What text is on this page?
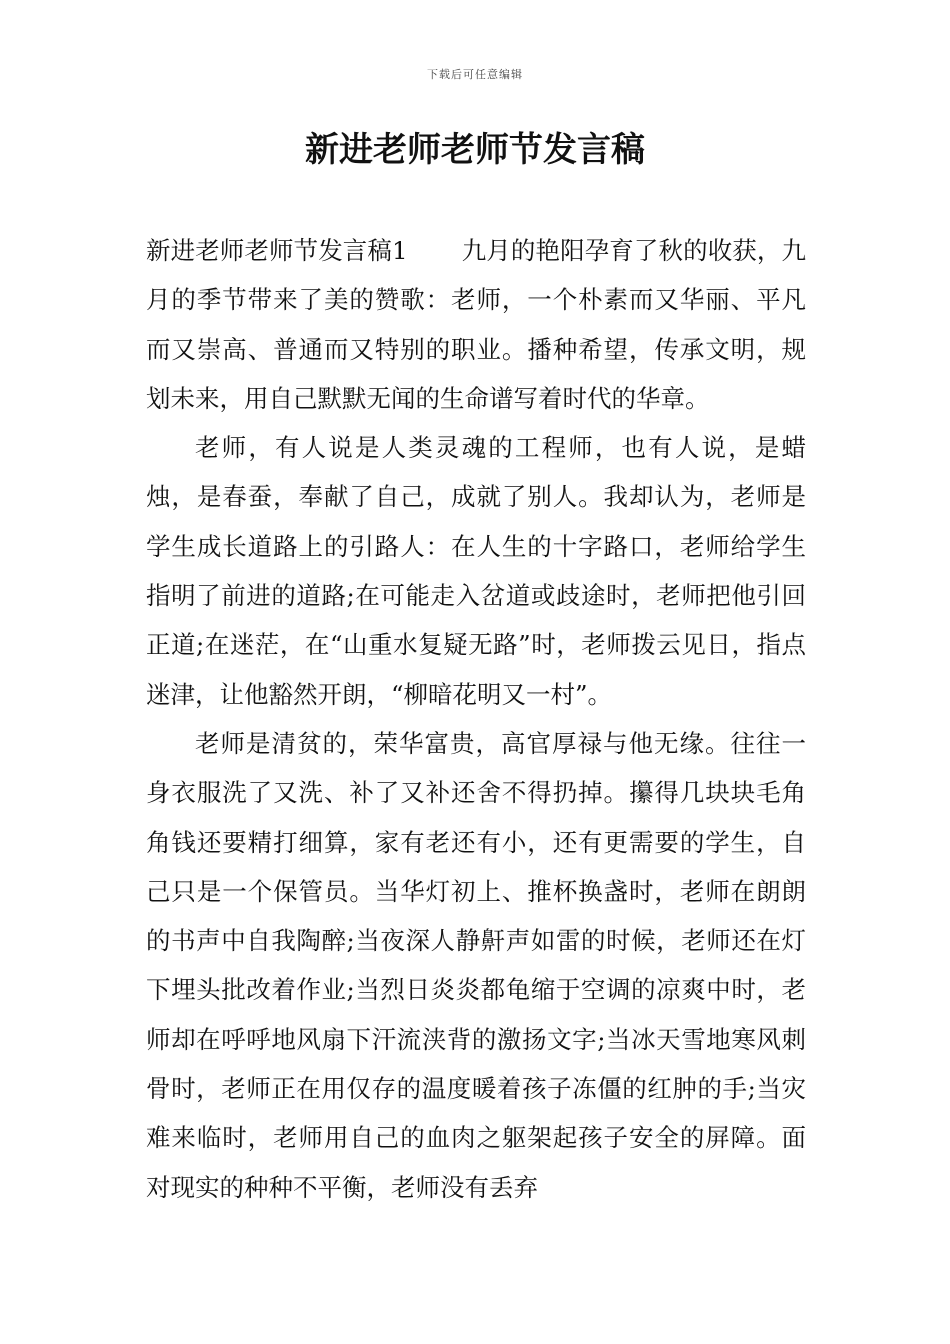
下载后可任意编辑
新进老师老师节发言稿

新进老师老师节发言稿1 九月的艳阳孕育了秋的收获，九月的季节带来了美的赞歌：老师，一个朴素而又华丽、平凡而又崇高、普通而又特别的职业。播种希望，传承文明，规划未来，用自己默默无闻的生命谱写着时代的华章。

老师，有人说是人类灵魂的工程师，也有人说，是蜡烛，是春蚕，奉献了自己，成就了别人。我却认为，老师是学生成长道路上的引路人：在人生的十字路口，老师给学生指明了前进的道路;在可能走入岔道或歧途时，老师把他引回正道;在迷茫，在“山重水复疑无路”时，老师拨云见日，指点迷津，让他豁然开朗，“柳暗花明又一村”。

老师是清贫的，荣华富贵，高官厚禄与他无缘。往往一身衣服洗了又洗、补了又补还舍不得扔掉。攥得几块块毛角角钱还要精打细算，家有老还有小，还有更需要的学生，自己只是一个保管员。当华灯初上、推杯换盏时，老师在朗朗的书声中自我陶醉;当夜深人静鼾声如雷的时候，老师还在灯下埋头批改着作业;当烈日炎炎都龟缩于空调的凉爽中时，老师却在呼呼地风扇下汗流浃背的激扬文字;当冰天雪地寒风刺骨时，老师正在用仅存的温度暖着孩子冻僵的红肿的手;当灾难来临时，老师用自己的血肉之躯架起孩子安全的屏障。面对现实的种种不平衡，老师没有丢弃
